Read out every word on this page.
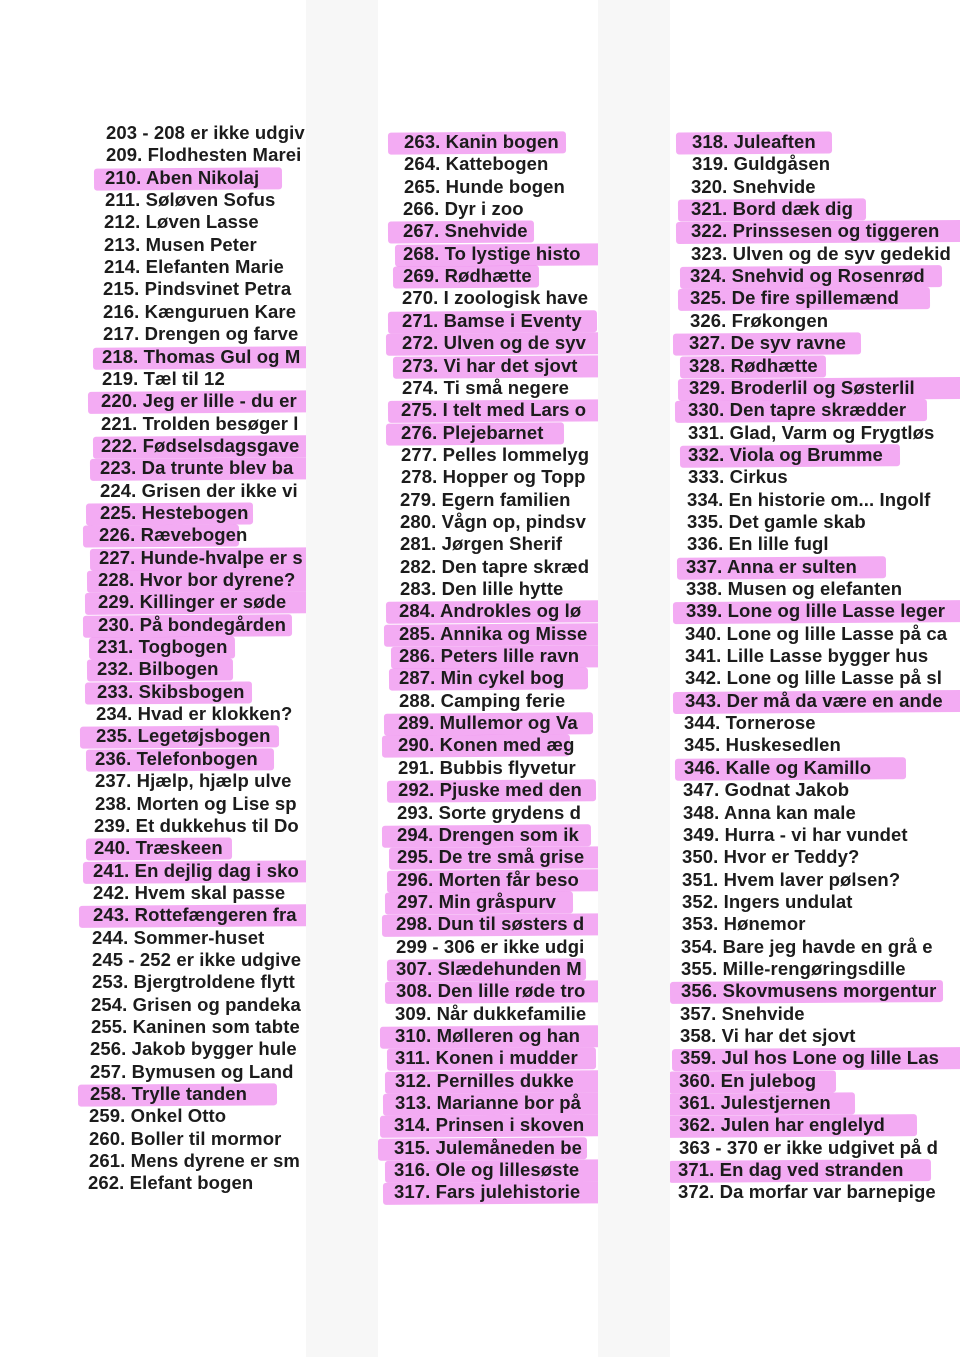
203 - 208 er ikke udgiv
209. Flodhesten Marei
210. Aben Nikolaj
211. Søløven Sofus
212. Løven Lasse
213. Musen Peter
214. Elefanten Marie
215. Pindsvinet Petra
216. Kænguruen Kare
217. Drengen og farve
218. Thomas Gul og M
219. Tæl til 12
220. Jeg er lille - du er
221. Trolden besøger l
222. Fødselsdagsgave
223. Da trunte blev ba
224. Grisen der ikke vi
225. Hestebogen
226. Rævebogen
227. Hunde-hvalpe er s
228. Hvor bor dyrene?
229. Killinger er søde
230. På bondegården
231. Togbogen
232. Bilbogen
233. Skibsbogen
234. Hvad er klokken?
235. Legetøjsbogen
236. Telefonbogen
237. Hjælp, hjælp ulve
238. Morten og Lise sp
239. Et dukkehus til Do
240. Træskeen
241. En dejlig dag i sko
242. Hvem skal passe
243. Rottefængeren fra
244. Sommer-huset
245 - 252 er ikke udgive
253. Bjergtroldene flytt
254. Grisen og pandeka
255. Kaninen som tabte
256. Jakob bygger hule
257. Bymusen og Land
258. Trylle tanden
259. Onkel Otto
260. Boller til mormor
261. Mens dyrene er sm
262. Elefant bogen
263. Kanin bogen
264. Kattebogen
265. Hunde bogen
266. Dyr i zoo
267. Snehvide
268. To lystige histo
269. Rødhætte
270. I zoologisk have
271. Bamse i Eventy
272. Ulven og de syv
273. Vi har det sjovt
274. Ti små negere
275. I telt med Lars o
276. Plejebarnet
277. Pelles lommelyg
278. Hopper og Topp
279. Egern familien
280. Vågn op, pindsv
281. Jørgen Sherif
282. Den tapre skræd
283. Den lille hytte
284. Androkles og lø
285. Annika og Misse
286. Peters lille ravn
287. Min cykel bog
288. Camping ferie
289. Mullemor og Va
290. Konen med æg
291. Bubbis flyvetur
292. Pjuske med den
293. Sorte grydens d
294. Drengen som ik
295. De tre små grise
296. Morten får beso
297. Min gråspurv
298. Dun til søsters d
299 - 306 er ikke udgi
307. Slædehunden M
308. Den lille røde tro
309. Når dukkefamilie
310. Mølleren og han
311. Konen i mudder
312. Pernilles dukke
313. Marianne bor på
314. Prinsen i skoven
315. Julemåneden be
316. Ole og lillesøste
317. Fars julehistorie
318. Juleaften
319. Guldgåsen
320. Snehvide
321. Bord dæk dig
322. Prinssesen og tiggeren
323. Ulven og de syv gedekid
324. Snehvid og Rosenrød
325. De fire spillemænd
326. Frøkongen
327. De syv ravne
328. Rødhætte
329. Broderlil og Søsterlil
330. Den tapre skrædder
331. Glad, Varm og Frygtløs
332. Viola og Brumme
333. Cirkus
334. En historie om... Ingolf
335. Det gamle skab
336. En lille fugl
337. Anna er sulten
338. Musen og elefanten
339. Lone og lille Lasse leger
340. Lone og lille Lasse på ca
341. Lille Lasse bygger hus
342. Lone og lille Lasse på sl
343. Der må da være en ande
344. Tornerose
345. Huskesedlen
346. Kalle og Kamillo
347. Godnat Jakob
348. Anna kan male
349. Hurra - vi har vundet
350. Hvor er Teddy?
351. Hvem laver pølsen?
352. Ingers undulat
353. Hønemor
354. Bare jeg havde en grå e
355. Mille-rengøringsdille
356. Skovmusens morgentur
357. Snehvide
358. Vi har det sjovt
359. Jul hos Lone og lille Las
360. En julebog
361. Julestjernen
362. Julen har englelyd
363 - 370 er ikke udgivet på d
371. En dag ved stranden
372. Da morfar var barnepige
